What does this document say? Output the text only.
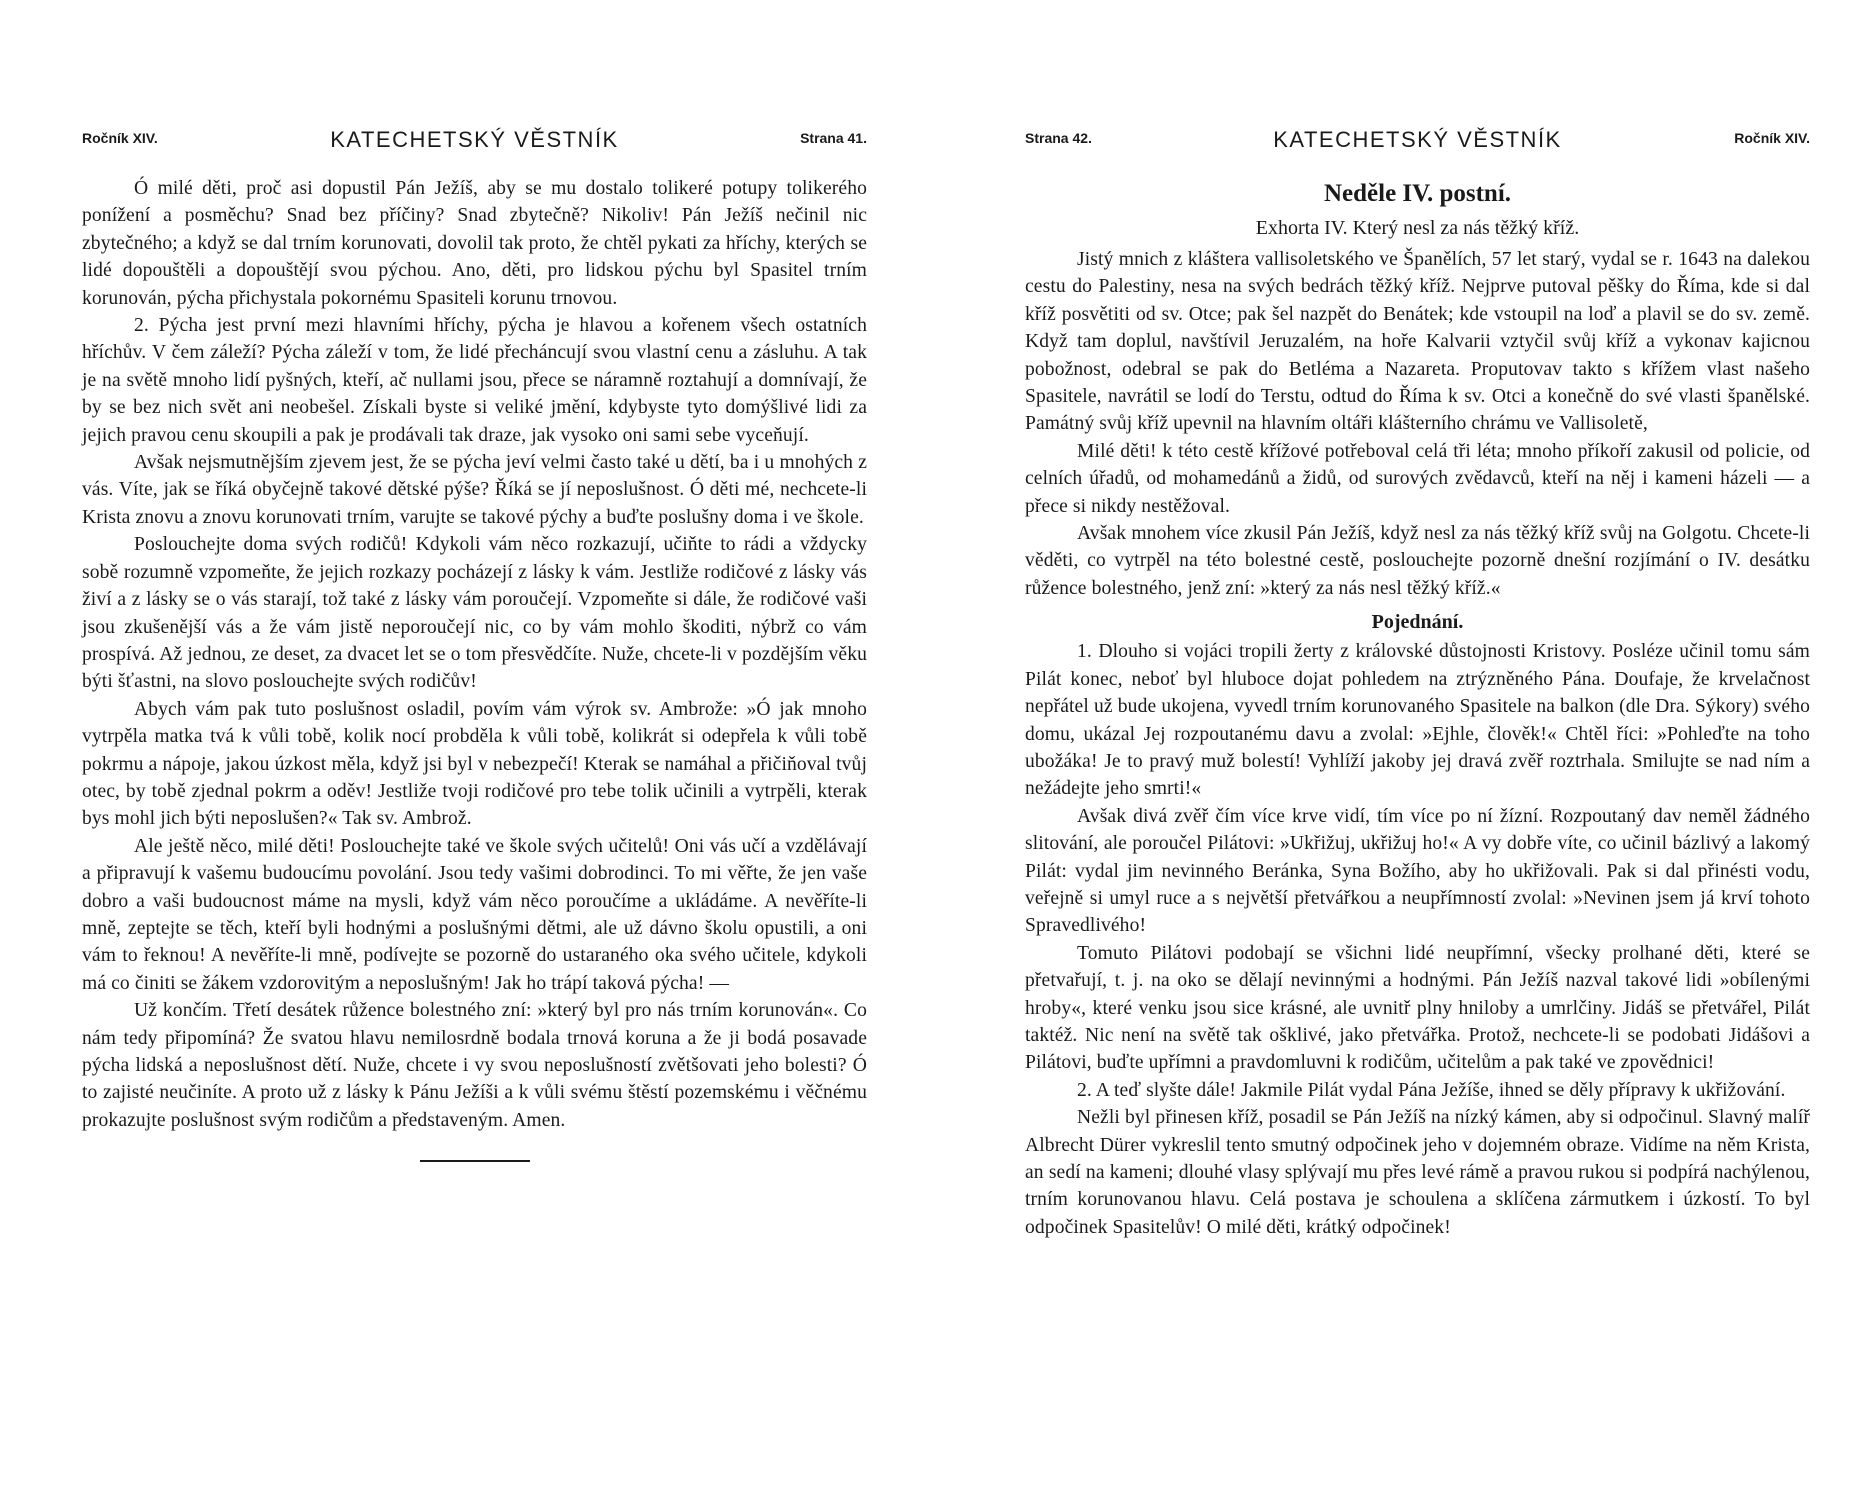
Ročník XIV.	KATECHETSKÝ VĚSTNÍK	Strana 41.

Ó milé děti, proč asi dopustil Pán Ježíš, aby se mu dostalo tolikeré potupy tolikerého ponížení a posměchu? Snad bez příčiny? Snad zbytečně? Nikoliv! Pán Ježíš nečinil nic zbytečného; a když se dal trním korunovati, dovolil tak proto, že chtěl pykati za hříchy, kterých se lidé dopouštěli a dopouštějí svou pýchou. Ano, děti, pro lidskou pýchu byl Spasitel trním korunován, pýcha přichystala pokornému Spasiteli korunu trnovou.

2. Pýcha jest první mezi hlavními hříchy, pýcha je hlavou a kořenem všech ostatních hříchův. V čem záleží? Pýcha záleží v tom, že lidé přecháncují svou vlastní cenu a zásluhu. A tak je na světě mnoho lidí pyšných, kteří, ač nullami jsou, přece se náramně roztahují a domnívají, že by se bez nich svět ani neobešel. Získali byste si veliké jmění, kdybyste tyto domýšlivé lidi za jejich pravou cenu skoupili a pak je prodávali tak draze, jak vysoko oni sami sebe vyceňují.

Avšak nejsmutnějším zjevem jest, že se pýcha jeví velmi často také u dětí, ba i u mnohých z vás. Víte, jak se říká obyčejně takové dětské pýše? Říká se jí neposlušnost. Ó děti mé, nechcete-li Krista znovu a znovu korunovati trním, varujte se takové pýchy a buďte poslušny doma i ve škole.

Poslouchejte doma svých rodičů! Kdykoli vám něco rozkazují, učiňte to rádi a vždycky sobě rozumně vzpomeňte, že jejich rozkazy pocházejí z lásky k vám. Jestliže rodičové z lásky vás živí a z lásky se o vás starají, tož také z lásky vám poroučejí. Vzpomeňte si dále, že rodičové vaši jsou zkušenější vás a že vám jistě neporoučejí nic, co by vám mohlo škoditi, nýbrž co vám prospívá. Až jednou, ze deset, za dvacet let se o tom přesvědčíte. Nuže, chcete-li v pozdějším věku býti šťastni, na slovo poslouchejte svých rodičův!

Abych vám pak tuto poslušnost osladil, povím vám výrok sv. Ambrože: »Ó jak mnoho vytrpěla matka tvá k vůli tobě, kolik nocí probděla k vůli tobě, kolikrát si odepřela k vůli tobě pokrmu a nápoje, jakou úzkost měla, když jsi byl v nebezpečí! Kterak se namáhal a přičiňoval tvůj otec, by tobě zjednal pokrm a oděv! Jestliže tvoji rodičové pro tebe tolik učinili a vytrpěli, kterak bys mohl jich býti neposlušen?« Tak sv. Ambrož.

Ale ještě něco, milé děti! Poslouchejte také ve škole svých učitelů! Oni vás učí a vzdělávají a připravují k vašemu budoucímu povolání. Jsou tedy vašimi dobrodinci. To mi věřte, že jen vaše dobro a vaši budoucnost máme na mysli, když vám něco poroučíme a ukládáme. A nevěříte-li mně, zeptejte se těch, kteří byli hodnými a poslušnými dětmi, ale už dávno školu opustili, a oni vám to řeknou! A nevěříte-li mně, podívejte se pozorně do ustaraného oka svého učitele, kdykoli má co činiti se žákem vzdorovitým a neposlušným! Jak ho trápí taková pýcha! —

Už končím. Třetí desátek růžence bolestného zní: »který byl pro nás trním korunován«. Co nám tedy připomíná? Že svatou hlavu nemilosrdně bodala trnová koruna a že ji bodá posavade pýcha lidská a neposlušnost dětí. Nuže, chcete i vy svou neposlušností zvětšovati jeho bolesti? Ó to zajisté neučiníte. A proto už z lásky k Pánu Ježíši a k vůli svému štěstí pozemskému i věčnému prokazujte poslušnost svým rodičům a představeným. Amen.

Strana 42.	KATECHETSKÝ VĚSTNÍK	Ročník XIV.
Neděle IV. postní.
Exhorta IV. Který nesl za nás těžký kříž.

Jistý mnich z kláštera vallisoletského ve Španělích, 57 let starý, vydal se r. 1643 na dalekou cestu do Palestiny, nesa na svých bedrách těžký kříž. Nejprve putoval pěšky do Říma, kde si dal kříž posvětiti od sv. Otce; pak šel nazpět do Benátek; kde vstoupil na loď a plavil se do sv. země. Když tam doplul, navštívil Jeruzalém, na hoře Kalvarii vztyčil svůj kříž a vykonav kajicnou pobožnost, odebral se pak do Betléma a Nazareta. Proputovav takto s křížem vlast našeho Spasitele, navrátil se lodí do Terstu, odtud do Říma k sv. Otci a konečně do své vlasti španělské. Památný svůj kříž upevnil na hlavním oltáři klášterního chrámu ve Vallisoletě,

Milé děti! k této cestě křížové potřeboval celá tři léta; mnoho příkoří zakusil od policie, od celních úřadů, od mohamedánů a židů, od surových zvědavců, kteří na něj i kameni házeli — a přece si nikdy nestěžoval.

Avšak mnohem více zkusil Pán Ježíš, když nesl za nás těžký kříž svůj na Golgotu. Chcete-li věděti, co vytrpěl na této bolestné cestě, poslouchejte pozorně dnešní rozjímání o IV. desátku růžence bolestného, jenž zní: »který za nás nesl těžký kříž.«

Pojednání.

1. Dlouho si vojáci tropili žerty z královské důstojnosti Kristovy. Posléze učinil tomu sám Pilát konec, neboť byl hluboce dojat pohledem na ztrýzněného Pána. Doufaje, že krvelačnost nepřátel už bude ukojena, vyvedl trním korunovaného Spasitele na balkon (dle Dra. Sýkory) svého domu, ukázal Jej rozpoutanému davu a zvolal: »Ejhle, člověk!« Chtěl říci: »Pohleďte na toho ubožáka! Je to pravý muž bolestí! Vyhlíží jakoby jej dravá zvěř roztrhala. Smilujte se nad ním a nežádejte jeho smrti!«

Avšak divá zvěř čím více krve vidí, tím více po ní žízní. Rozpoutaný dav neměl žádného slitování, ale poroučel Pilátovi: »Ukřižuj, ukřižuj ho!« A vy dobře víte, co učinil bázlivý a lakomý Pilát: vydal jim nevinného Beránka, Syna Božího, aby ho ukřižovali. Pak si dal přinésti vodu, veřejně si umyl ruce a s největší přetvářkou a neupřímností zvolal: »Nevinen jsem já krví tohoto Spravedlivého!

Tomuto Pilátovi podobají se všichni lidé neupřímní, všecky prolhané děti, které se přetvařují, t. j. na oko se dělají nevinnými a hodnými. Pán Ježíš nazval takové lidi »obílenými hroby«, které venku jsou sice krásné, ale uvnitř plny hniloby a umrlčiny. Jidáš se přetvářel, Pilát taktéž. Nic není na světě tak ošklivé, jako přetvářka. Protož, nechcete-li se podobati Jidášovi a Pilátovi, buďte upřímni a pravdomluvni k rodičům, učitelům a pak také ve zpovědnici!

2. A teď slyšte dále! Jakmile Pilát vydal Pána Ježíše, ihned se děly přípravy k ukřižování.

Nežli byl přinesen kříž, posadil se Pán Ježíš na nízký kámen, aby si odpočinul. Slavný malíř Albrecht Dürer vykreslil tento smutný odpočinek jeho v dojemném obraze. Vidíme na něm Krista, an sedí na kameni; dlouhé vlasy splývají mu přes levé rámě a pravou rukou si podpírá nachýlenou, trním korunovanou hlavu. Celá postava je schoulena a sklíčena zármutkem i úzkostí. To byl odpočinek Spasitelův! O milé děti, krátký odpočinek!
